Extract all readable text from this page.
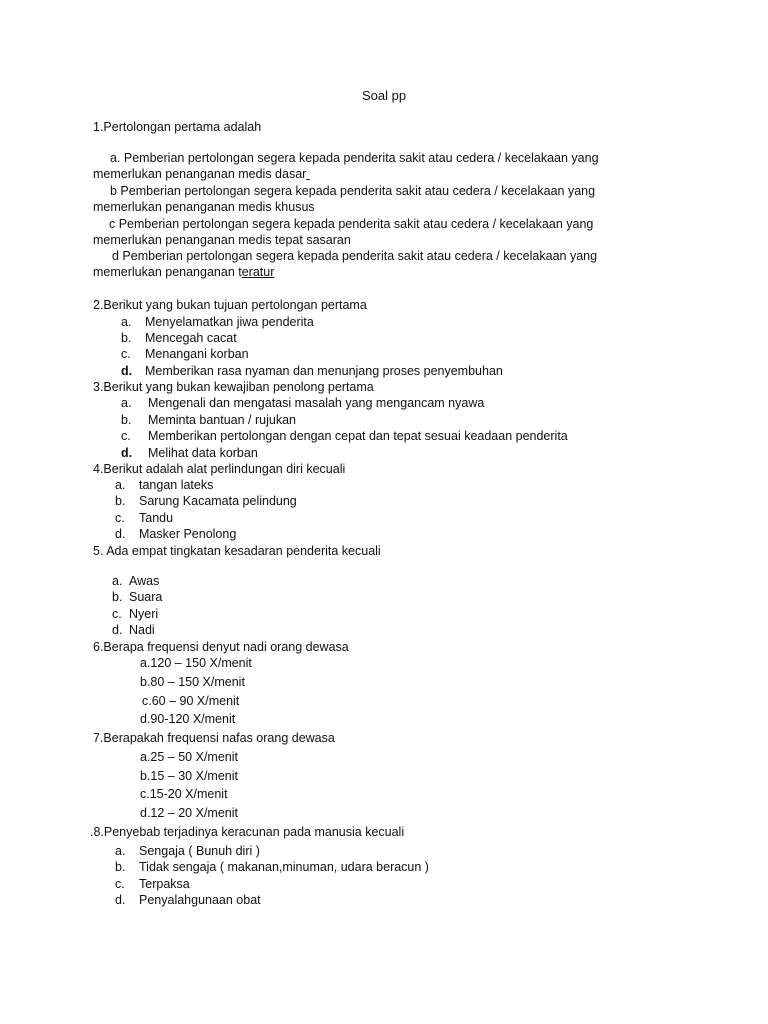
Soal pp
1.Pertolongan pertama adalah
a. Pemberian pertolongan segera kepada penderita sakit atau cedera / kecelakaan yang
memerlukan penanganan medis dasar
b Pemberian pertolongan segera kepada penderita sakit atau cedera / kecelakaan yang
memerlukan penanganan medis khusus
c Pemberian pertolongan segera kepada penderita sakit atau cedera / kecelakaan yang
memerlukan penanganan medis tepat sasaran
d Pemberian pertolongan segera kepada penderita sakit atau cedera / kecelakaan yang
memerlukan penanganan teratur
2.Berikut yang bukan tujuan pertolongan pertama
a. Menyelamatkan jiwa penderita
b. Mencegah cacat
c. Menangani korban
d. Memberikan rasa nyaman dan menunjang proses penyembuhan
3.Berikut yang bukan kewajiban penolong pertama
a. Mengenali dan mengatasi masalah yang mengancam nyawa
b. Meminta bantuan / rujukan
c. Memberikan pertolongan dengan cepat dan tepat sesuai keadaan penderita
d. Melihat data korban
4.Berikut adalah alat perlindungan diri kecuali
a. tangan lateks
b. Sarung Kacamata pelindung
c. Tandu
d. Masker Penolong
5. Ada empat tingkatan kesadaran penderita kecuali
a. Awas
b. Suara
c. Nyeri
d. Nadi
6.Berapa frequensi denyut nadi orang dewasa
a.120 – 150 X/menit
b.80 – 150 X/menit
c.60 – 90 X/menit
d.90-120 X/menit
7.Berapakah frequensi nafas orang dewasa
a.25 – 50 X/menit
b.15 – 30 X/menit
c.15-20 X/menit
d.12 – 20 X/menit
.8.Penyebab terjadinya keracunan pada manusia kecuali
a. Sengaja ( Bunuh diri )
b. Tidak sengaja ( makanan,minuman, udara beracun )
c. Terpaksa
d. Penyalahgunaan obat
